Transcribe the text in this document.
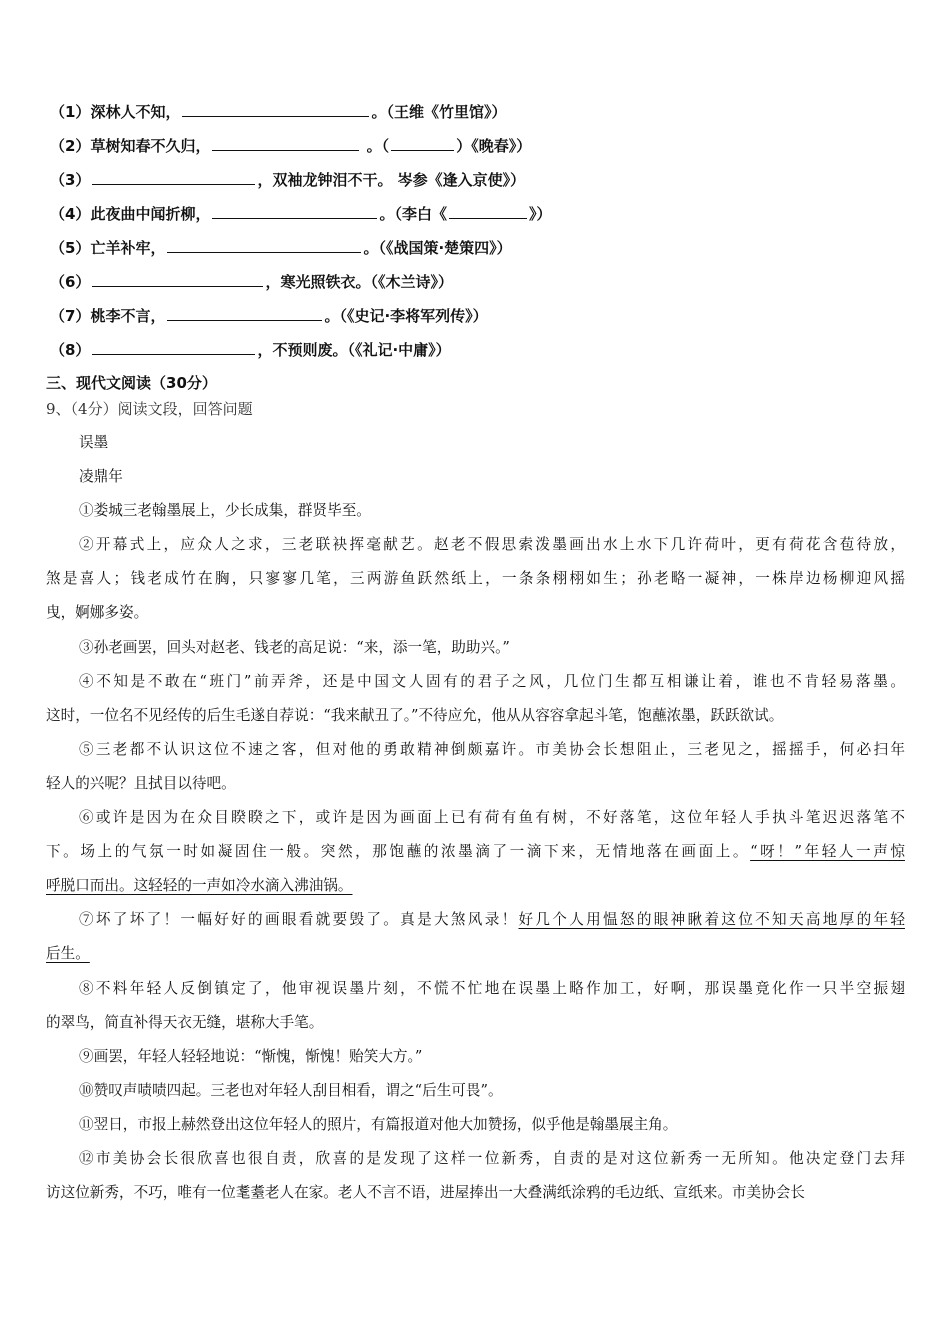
（1）深林人不知，	。（王维《竹里馆》）
（2）草树知春不久归，	。（	）《晚春》）
（3）	，双袖龙钟泪不干。 岑参《逢入京使》）
（4）此夜曲中闻折柳，	。（李白《	》）
（5）亡羊补牢，	。（《战国策·楚策四》）
（6）	，寒光照铁衣。（《木兰诗》）
（7）桃李不言，	。（《史记·李将军列传》）
（8）	，不预则废。（《礼记·中庸》）
三、现代文阅读（30分）
9、（4分）阅读文段，回答问题
误墨
凌鼎年
①娄城三老翰墨展上，少长成集，群贤毕至。
②开幕式上，应众人之求，三老联袂挥毫献艺。赵老不假思索泼墨画出水上水下几许荷叶，更有荷花含苞待放，
煞是喜人；钱老成竹在胸，只寥寥几笔，三两游鱼跃然纸上，一条条栩栩如生；孙老略一凝神，一株岸边杨柳迎风摇
曳，婀娜多姿。
③孙老画罢，回头对赵老、钱老的高足说：“来，添一笔，助助兴。”
④不知是不敢在“班门”前弄斧，还是中国文人固有的君子之风，几位门生都互相谦让着，谁也不肯轻易落墨。
这时，一位名不见经传的后生毛遂自荐说：“我来献丑了。”不待应允，他从从容容拿起斗笔，饱蘸浓墨，跃跃欲试。
⑤三老都不认识这位不速之客，但对他的勇敢精神倒颇嘉许。市美协会长想阻止，三老见之，摇摇手，何必扫年
轻人的兴呢？且拭目以待吧。
⑥或许是因为在众目睽睽之下，或许是因为画面上已有荷有鱼有树，不好落笔，这位年轻人手执斗笔迟迟落笔不
下。场上的气氛一时如凝固住一般。突然，那饱蘸的浓墨滴了一滴下来，无情地落在画面上。“呀！”年轻人一声惊
呼脱口而出。这轻轻的一声如冷水滴入沸油锅。
⑦坏了坏了！一幅好好的画眼看就要毁了。真是大煞风录！好几个人用愠怒的眼神瞅着这位不知天高地厚的年轻
后生。
⑧不料年轻人反倒镇定了，他审视误墨片刻，不慌不忙地在误墨上略作加工，好啊，那误墨竟化作一只半空振翅
的翠鸟，简直补得天衣无缝，堪称大手笔。
⑨画罢，年轻人轻轻地说：“惭愧，惭愧！贻笑大方。”
⑩赞叹声啧啧四起。三老也对年轻人刮目相看，谓之“后生可畏”。
⑪翌日，市报上赫然登出这位年轻人的照片，有篇报道对他大加赞扬，似乎他是翰墨展主角。
⑫市美协会长很欣喜也很自责，欣喜的是发现了这样一位新秀，自责的是对这位新秀一无所知。他决定登门去拜
访这位新秀，不巧，唯有一位耄耋老人在家。老人不言不语，进屋捧出一大叠满纸涂鸦的毛边纸、宣纸来。市美协会长
